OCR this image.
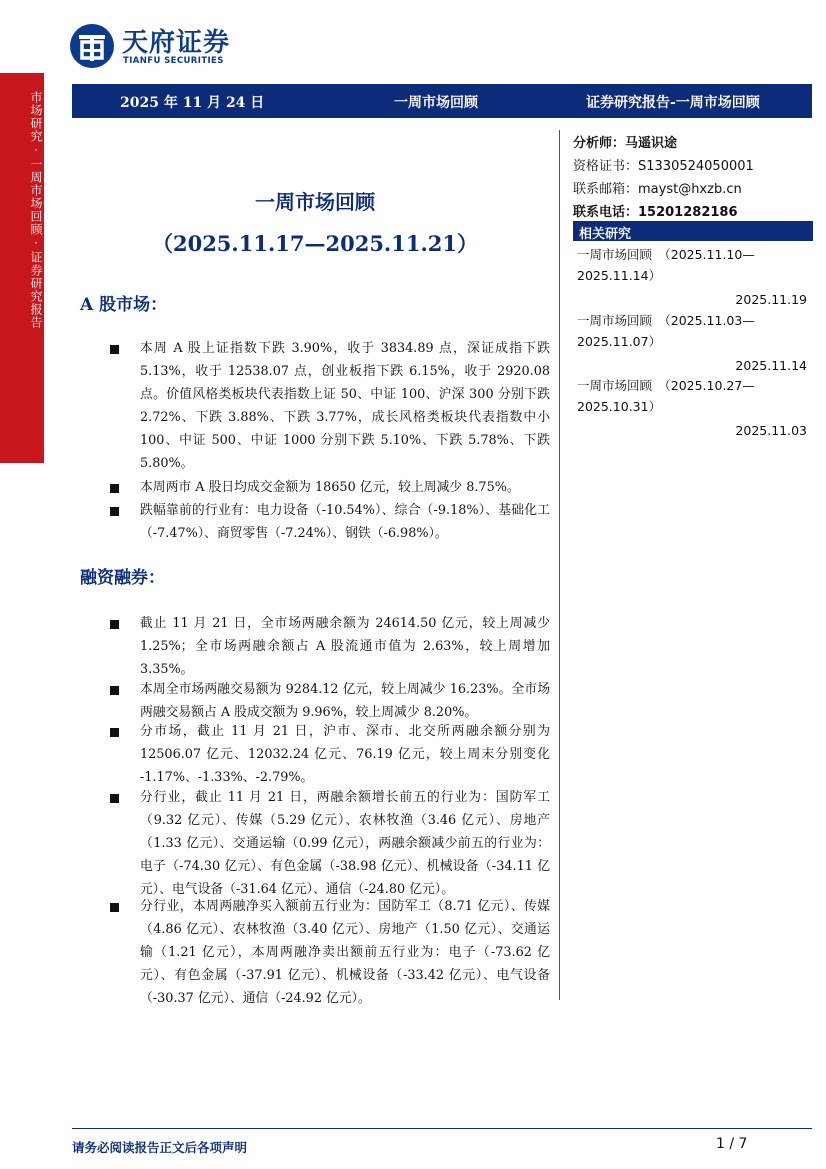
市场研究·一周市场回顾·证券研究报告
天府证券
TIANFU SECURITIES
2025 年 11 月 24 日	一周市场回顾	证券研究报告-一周市场回顾
分析师：马遥识途
资格证书：S1330524050001
联系邮箱：mayst@hxzb.cn
联系电话：15201282186
相关研究
一周市场回顾　（2025.11.10—
2025.11.14）
2025.11.19
一周市场回顾　（2025.11.03—
2025.11.07）
2025.11.14
一周市场回顾　（2025.10.27—
2025.10.31）
2025.11.03
一周市场回顾
（2025.11.17—2025.11.21）
A 股市场：
本周 A 股上证指数下跌 3.90%，收于 3834.89 点，深证成指下跌 5.13%，收于 12538.07 点，创业板指下跌 6.15%，收于 2920.08 点。价值风格类板块代表指数上证 50、中证 100、沪深 300 分别下跌 2.72%、下跌 3.88%、下跌 3.77%，成长风格类板块代表指数中小 100、中证 500、中证 1000 分别下跌 5.10%、下跌 5.78%、下跌 5.80%。
本周两市 A 股日均成交金额为 18650 亿元，较上周减少 8.75%。
跌幅靠前的行业有：电力设备（-10.54%）、综合（-9.18%）、基础化工（-7.47%）、商贸零售（-7.24%）、钢铁（-6.98%）。
融资融券：
截止 11 月 21 日，全市场两融余额为 24614.50 亿元，较上周减少 1.25%；全市场两融余额占 A 股流通市值为 2.63%，较上周增加 3.35%。
本周全市场两融交易额为 9284.12 亿元，较上周减少 16.23%。全市场两融交易额占 A 股成交额为 9.96%，较上周减少 8.20%。
分市场，截止 11 月 21 日，沪市、深市、北交所两融余额分别为 12506.07 亿元、12032.24 亿元、76.19 亿元，较上周末分别变化 -1.17%、-1.33%、-2.79%。
分行业，截止 11 月 21 日，两融余额增长前五的行业为：国防军工（9.32 亿元）、传媒（5.29 亿元）、农林牧渔（3.46 亿元）、房地产（1.33 亿元）、交通运输（0.99 亿元），两融余额减少前五的行业为：电子（-74.30 亿元）、有色金属（-38.98 亿元）、机械设备（-34.11 亿元）、电气设备（-31.64 亿元）、通信（-24.80 亿元）。
分行业，本周两融净买入额前五行业为：国防军工（8.71 亿元）、传媒（4.86 亿元）、农林牧渔（3.40 亿元）、房地产（1.50 亿元）、交通运输（1.21 亿元），本周两融净卖出额前五行业为：电子（-73.62 亿元）、有色金属（-37.91 亿元）、机械设备（-33.42 亿元）、电气设备（-30.37 亿元）、通信（-24.92 亿元）。
请务必阅读报告正文后各项声明	1 / 7
